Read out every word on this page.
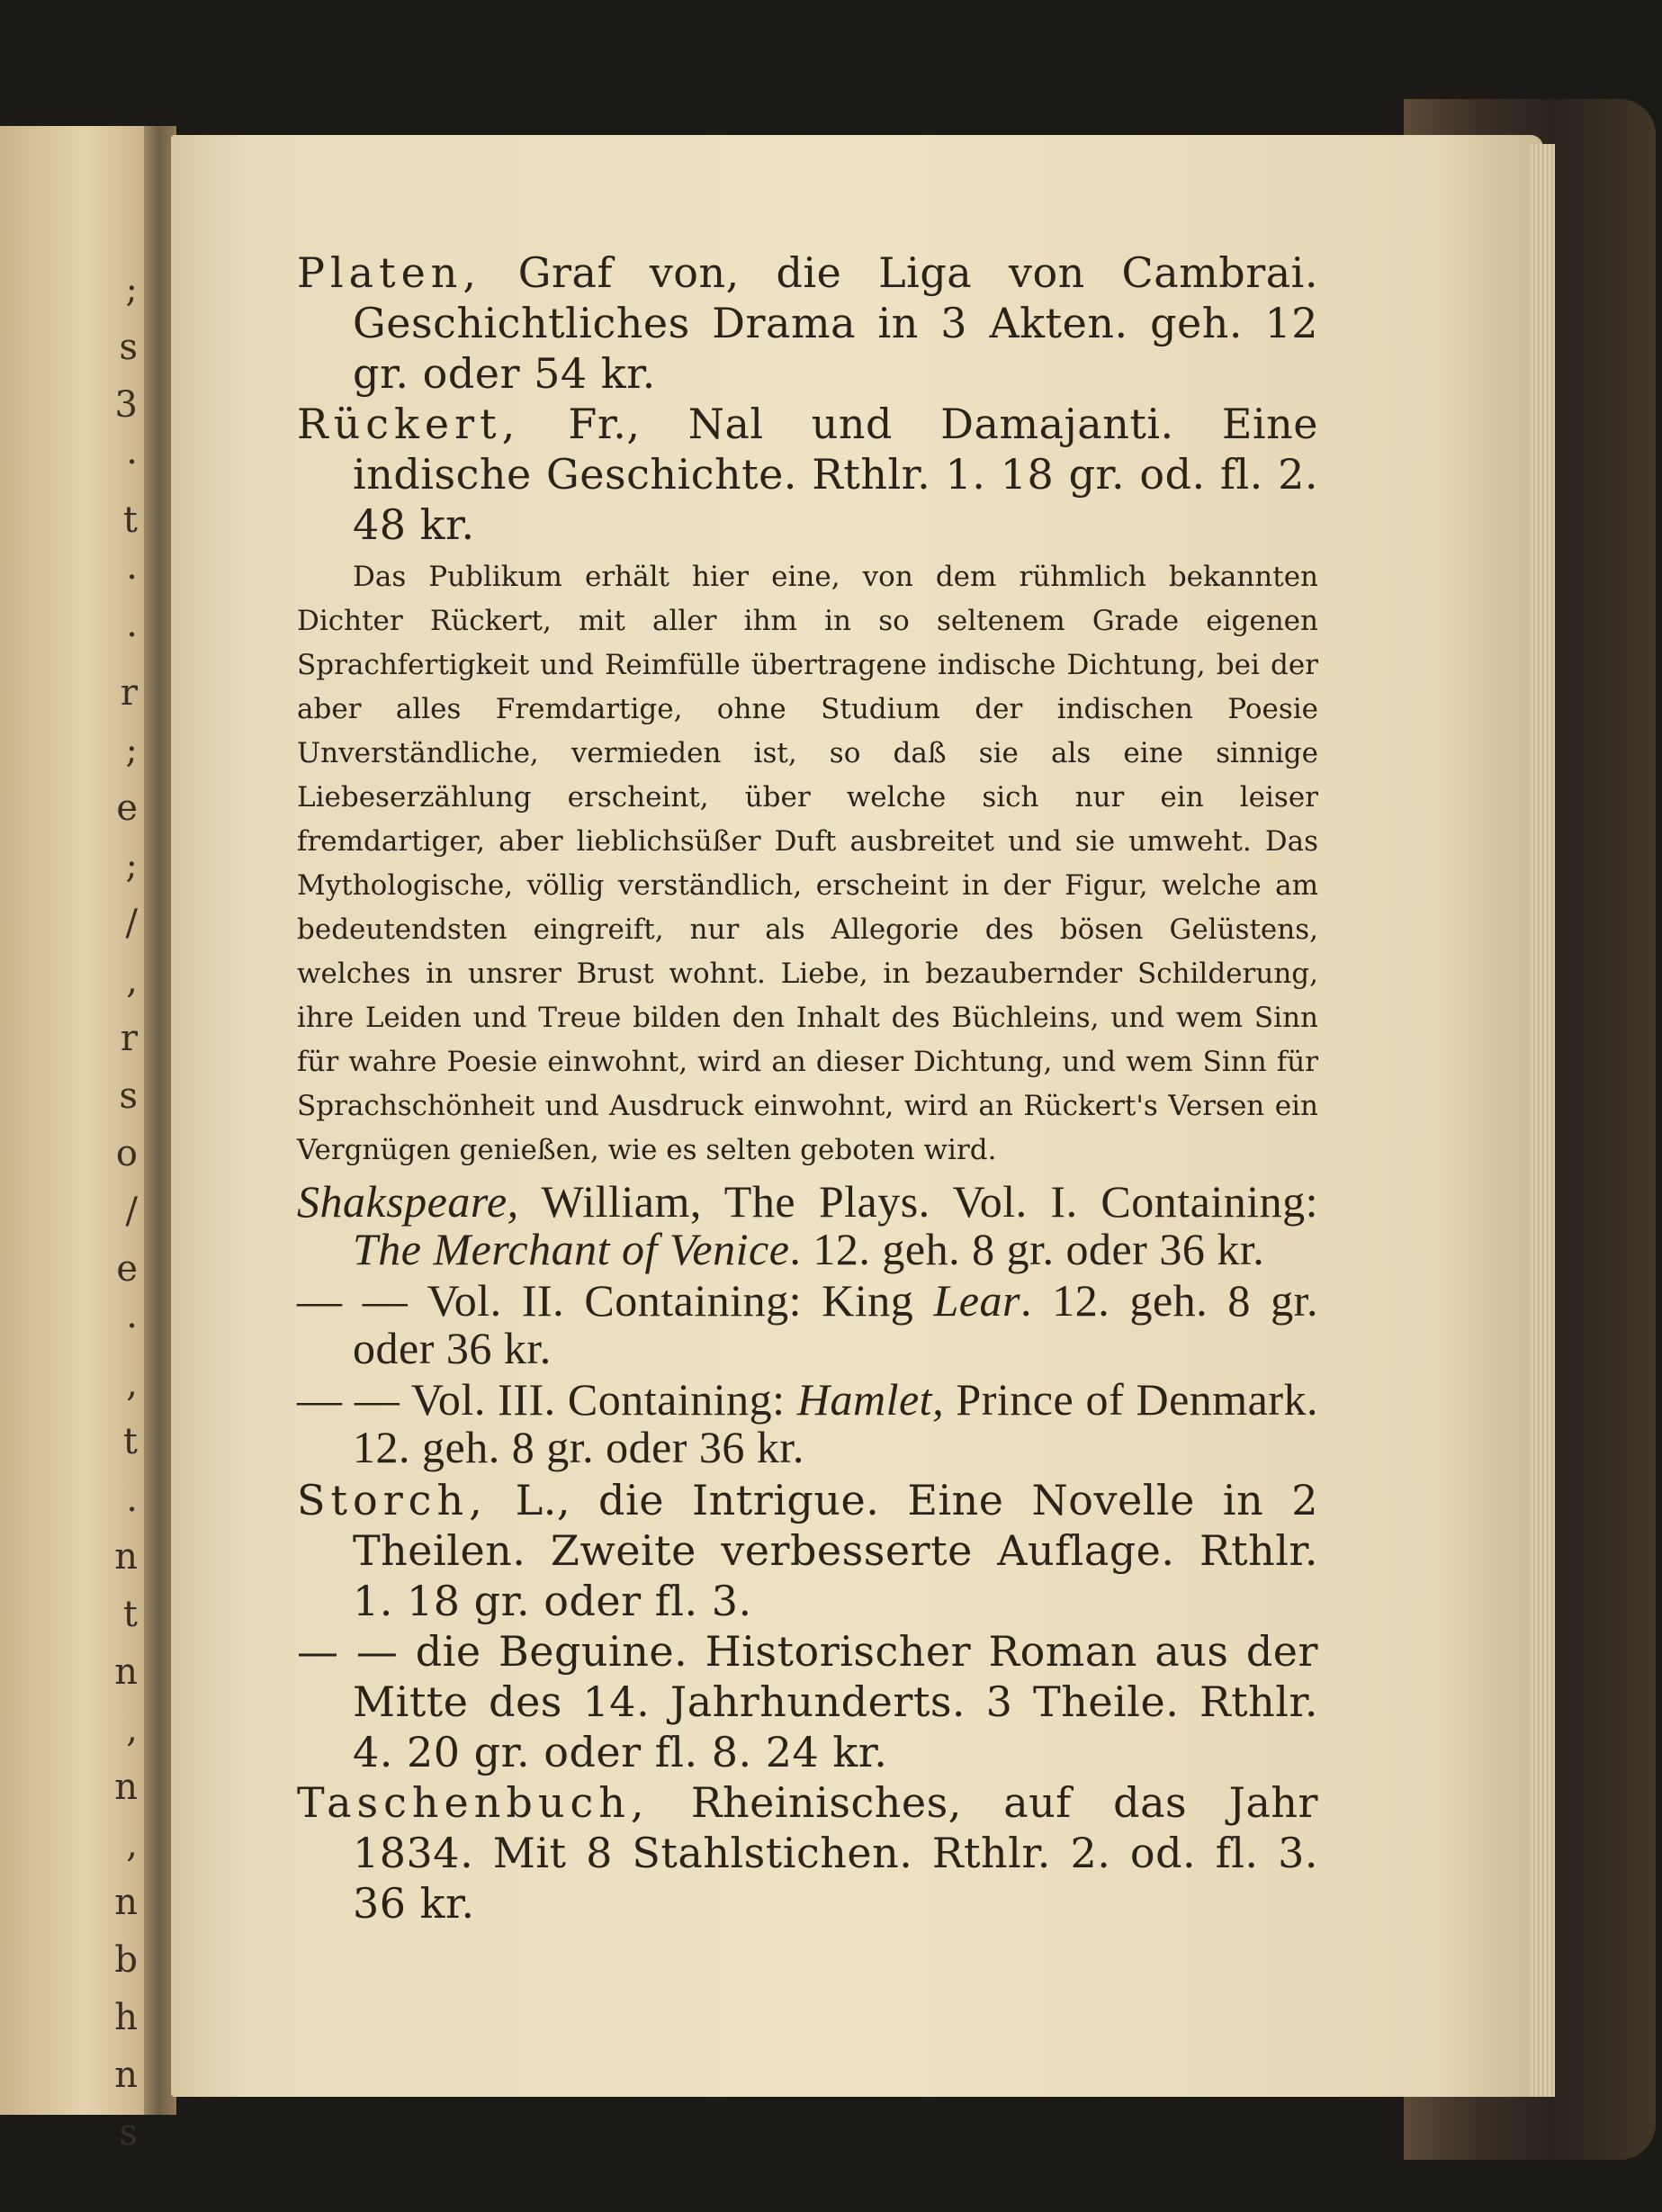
;
s
3
·
t
·
·
r
;
e
;
/
,
r
s
o
/
e
·
,
t
.
n
t
n
,
n
,
n
b
h
n
s

Platen, Graf von, die Liga von Cambrai. Geschichtliches Drama in 3 Akten. geh. 12 gr. oder 54 kr.

Rückert, Fr., Nal und Damajanti. Eine indische Geschichte. Rthlr. 1. 18 gr. od. fl. 2. 48 kr.

Das Publikum erhält hier eine, von dem rühmlich bekannten Dichter Rückert, mit aller ihm in so seltenem Grade eigenen Sprachfertigkeit und Reimfülle übertragene indische Dichtung, bei der aber alles Fremdartige, ohne Studium der indischen Poesie Unverständliche, vermieden ist, so daß sie als eine sinnige Liebeserzählung erscheint, über welche sich nur ein leiser fremdartiger, aber lieblichsüßer Duft ausbreitet und sie umweht. Das Mythologische, völlig verständlich, erscheint in der Figur, welche am bedeutendsten eingreift, nur als Allegorie des bösen Gelüstens, welches in unsrer Brust wohnt. Liebe, in bezaubernder Schilderung, ihre Leiden und Treue bilden den Inhalt des Büchleins, und wem Sinn für wahre Poesie einwohnt, wird an dieser Dichtung, und wem Sinn für Sprachschönheit und Ausdruck einwohnt, wird an Rückert's Versen ein Vergnügen genießen, wie es selten geboten wird.

Shakspeare, William, The Plays. Vol. I. Containing: The Merchant of Venice. 12. geh. 8 gr. oder 36 kr.

— — Vol. II. Containing: King Lear. 12. geh. 8 gr. oder 36 kr.

— — Vol. III. Containing: Hamlet, Prince of Denmark. 12. geh. 8 gr. oder 36 kr.

Storch, L., die Intrigue. Eine Novelle in 2 Theilen. Zweite verbesserte Auflage. Rthlr. 1. 18 gr. oder fl. 3.

— — die Beguine. Historischer Roman aus der Mitte des 14. Jahrhunderts. 3 Theile. Rthlr. 4. 20 gr. oder fl. 8. 24 kr.

Taschenbuch, Rheinisches, auf das Jahr 1834. Mit 8 Stahlstichen. Rthlr. 2. od. fl. 3. 36 kr.
